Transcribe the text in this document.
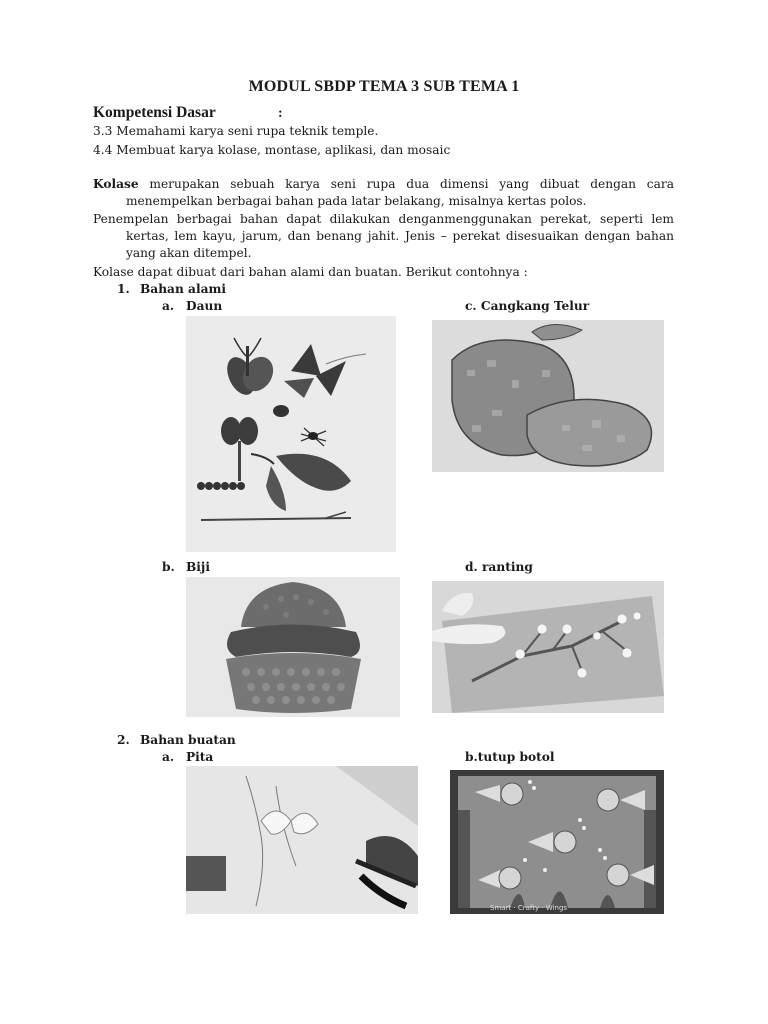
MODUL SBDP TEMA 3 SUB TEMA 1
Kompetensi Dasar	:
3.3 Memahami karya seni rupa teknik temple.
4.4 Membuat karya kolase, montase, aplikasi, dan mosaic
Kolase merupakan sebuah karya seni rupa dua dimensi yang dibuat dengan cara menempelkan berbagai bahan pada latar belakang, misalnya kertas polos.
Penempelan berbagai bahan dapat dilakukan denganmenggunakan perekat, seperti lem kertas, lem kayu, jarum, dan benang jahit. Jenis – perekat disesuaikan dengan bahan yang akan ditempel.
Kolase dapat dibuat dari bahan alami dan buatan. Berikut contohnya :
1. Bahan alami
a. Daun	c. Cangkang Telur
b. Biji	d. ranting
2. Bahan buatan
a. Pita	b.tutup botol
Smart · Crafty · Wings
